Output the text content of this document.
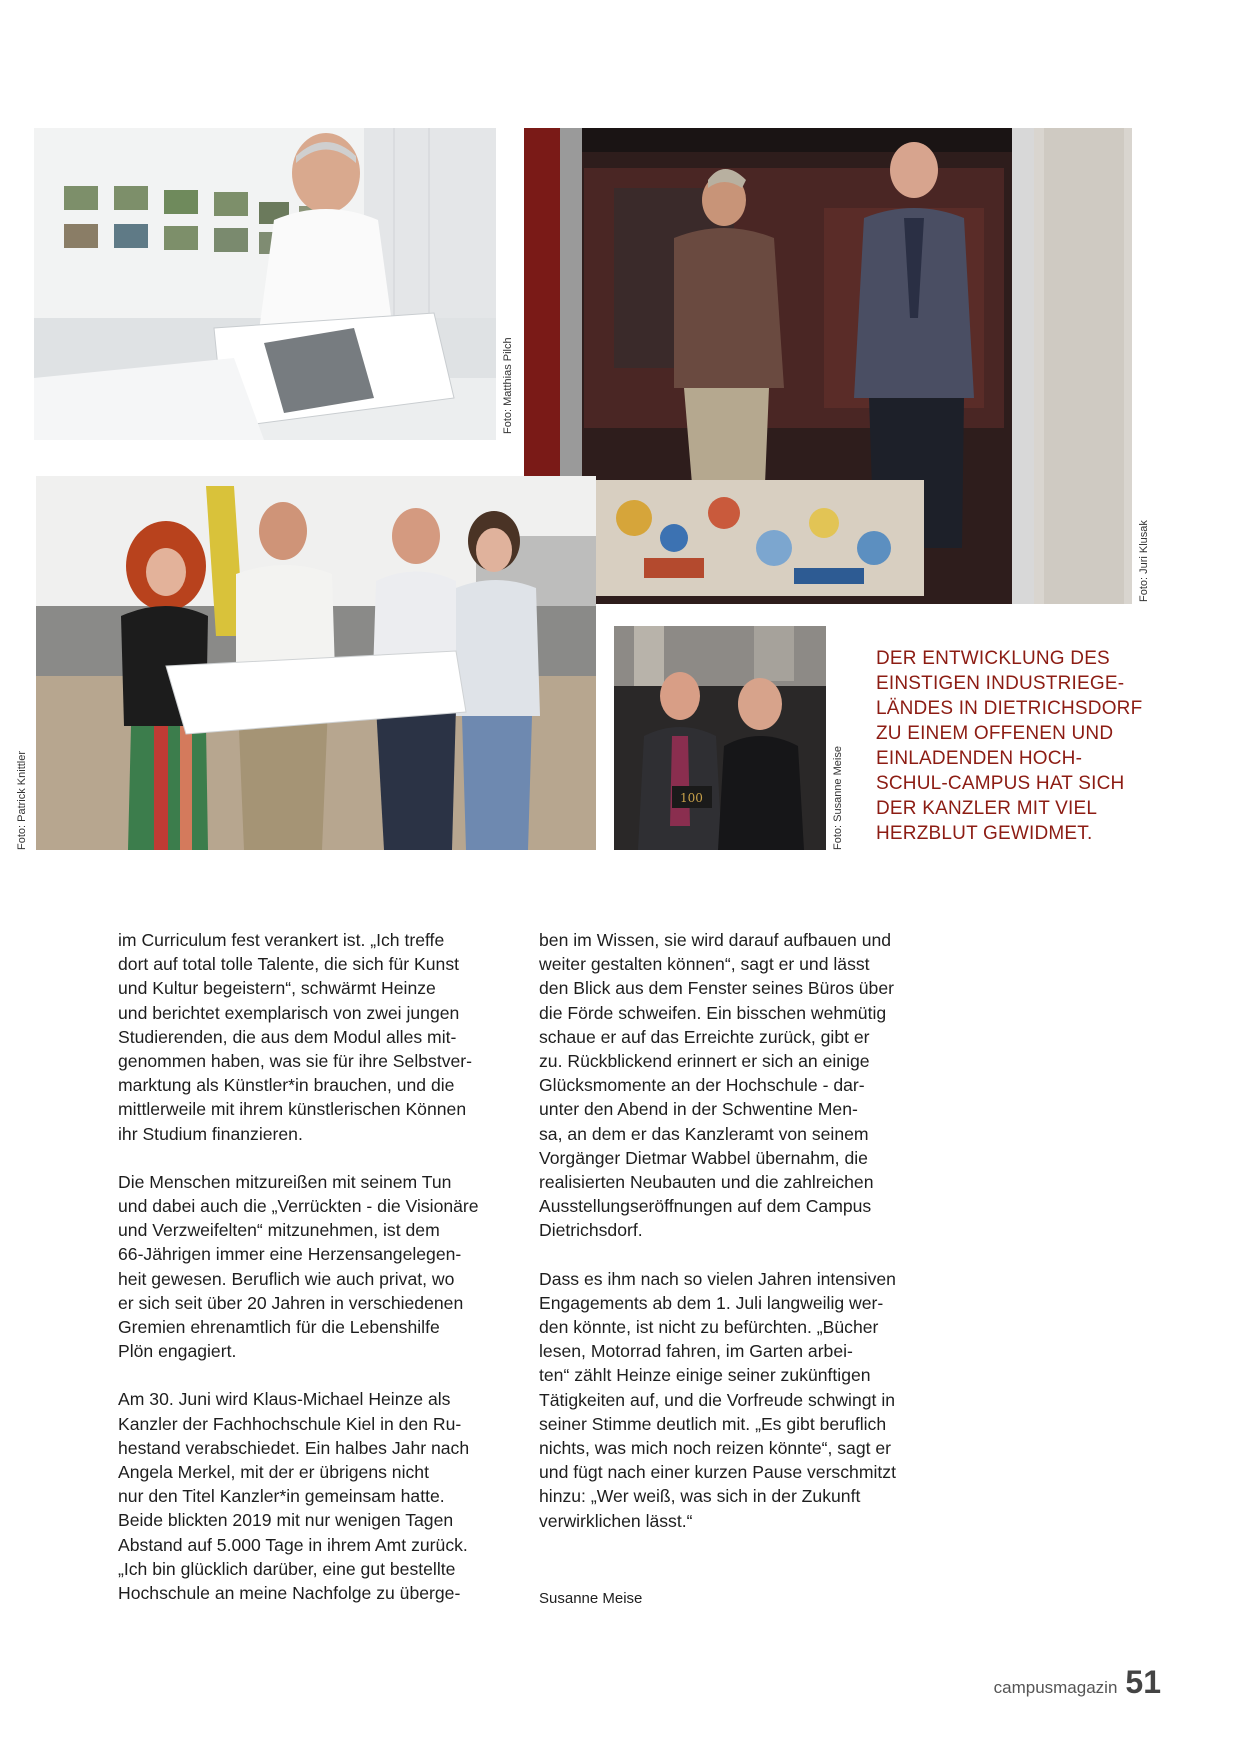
Foto: Matthias Pilch
Foto: Juri Klusak
Foto: Patrick Knittler	100	Foto: Susanne Meise
DER ENTWICKLUNG DES
EINSTIGEN INDUSTRIEGE-
LÄNDES IN DIETRICHSDORF
ZU EINEM OFFENEN UND
EINLADENDEN HOCH-
SCHUL-CAMPUS HAT SICH
DER KANZLER MIT VIEL
HERZBLUT GEWIDMET.

im Curriculum fest verankert ist. „Ich treffe
dort auf total tolle Talente, die sich für Kunst
und Kultur begeistern“, schwärmt Heinze
und berichtet exemplarisch von zwei jungen
Studierenden, die aus dem Modul alles mit-
genommen haben, was sie für ihre Selbstver-
marktung als Künstler*in brauchen, und die
mittlerweile mit ihrem künstlerischen Können
ihr Studium finanzieren.

Die Menschen mitzureißen mit seinem Tun
und dabei auch die „Verrückten - die Visionäre
und Verzweifelten“ mitzunehmen, ist dem
66-Jährigen immer eine Herzensangelegen-
heit gewesen. Beruflich wie auch privat, wo
er sich seit über 20 Jahren in verschiedenen
Gremien ehrenamtlich für die Lebenshilfe
Plön engagiert.

Am 30. Juni wird Klaus-Michael Heinze als
Kanzler der Fachhochschule Kiel in den Ru-
hestand verabschiedet. Ein halbes Jahr nach
Angela Merkel, mit der er übrigens nicht
nur den Titel Kanzler*in gemeinsam hatte.
Beide blickten 2019 mit nur wenigen Tagen
Abstand auf 5.000 Tage in ihrem Amt zurück.
„Ich bin glücklich darüber, eine gut bestellte
Hochschule an meine Nachfolge zu überge-

ben im Wissen, sie wird darauf aufbauen und
weiter gestalten können“, sagt er und lässt
den Blick aus dem Fenster seines Büros über
die Förde schweifen. Ein bisschen wehmütig
schaue er auf das Erreichte zurück, gibt er
zu. Rückblickend erinnert er sich an einige
Glücksmomente an der Hochschule - dar-
unter den Abend in der Schwentine Men-
sa, an dem er das Kanzleramt von seinem
Vorgänger Dietmar Wabbel übernahm, die
realisierten Neubauten und die zahlreichen
Ausstellungseröffnungen auf dem Campus
Dietrichsdorf.

Dass es ihm nach so vielen Jahren intensiven
Engagements ab dem 1. Juli langweilig wer-
den könnte, ist nicht zu befürchten. „Bücher
lesen, Motorrad fahren, im Garten arbei-
ten“ zählt Heinze einige seiner zukünftigen
Tätigkeiten auf, und die Vorfreude schwingt in
seiner Stimme deutlich mit. „Es gibt beruflich
nichts, was mich noch reizen könnte“, sagt er
und fügt nach einer kurzen Pause verschmitzt
hinzu: „Wer weiß, was sich in der Zukunft
verwirklichen lässt.“

Susanne Meise
campusmagazin 51
